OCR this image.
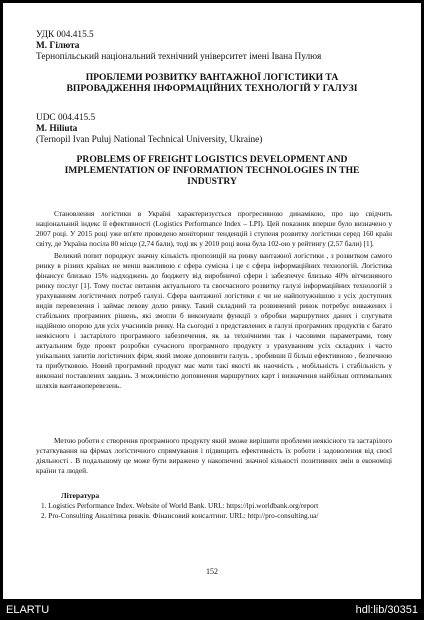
УДК 004.415.5
М. Гілюта
Тернопільський національний технічний університет імені Івана Пулюя
ПРОБЛЕМИ РОЗВИТКУ ВАНТАЖНОЇ ЛОГІСТИКИ ТА
ВПРОВАДЖЕННЯ ІНФОРМАЦІЙНИХ ТЕХНОЛОГІЙ У ГАЛУЗІ
UDC 004.415.5
M. Hiliuta
(Ternopil Ivan Puluj National Technical University, Ukraine)
PROBLEMS OF FREIGHT LOGISTICS DEVELOPMENT AND
IMPLEMENTATION OF INFORMATION TECHNOLOGIES IN THE
INDUSTRY

Становлення логістики в Україні характеризується прогресивною динамікою, про що свідчить національний індекс її ефективності (Logistics Performance Index – LPI). Цей показник вперше було визначено у 2007 році. У 2015 році уже вп'яте проведено моніторинг тенденцій і ступеня розвитку логістики серед 160 країн світу, де Україна посіла 80 місце (2,74 бали), тоді як у 2010 році вона була 102-ою у рейтингу (2,57 бали) [1].

Великий попит породжує значну кількість пропозицій на ринку вантажної логістики , з розвитком самого ринку в різних країнах не менш важливою є сфера сумісна і це є сфера інформаційних технологій. Логістика фінансує близько 15% надходжень до бюджету від виробничої сфери і забезпечує близько 40% вітчизняного ринку послуг [1]. Тому постає питання актуального та своєчасного розвитку галузі інформаційних технологій з урахуванням логістичних потреб галузі. Сфера вантажної логістики є чи не найпотужнішою з усіх доступних видів перевезення і займає левову долю ринку. Такий складний та розвинений ринок потребує виважених і стабільних програмних рішень, які змогли б виконувати функції з обробки маршрутних даних і слугувати надійною опорою для усіх учасників ринку. На сьогодні з представлених в галузі програмних продуктів є багато неякісного і застарілого програмного забезпечення, як за технічними так і часовими параметрами, тому актуальним буде проект розробки сучасного програмного продукту з урахуванням усіх складних і часто унікальних запитів логістичних фірм, який зможе доповнити галузь , зробивши її більш ефективною , безпечною та прибутковою. Новий програмний продукт має мати такі якості як наочність , мобільність і стабільність у виконані поставлених завдань. З можливістю доповнення маршрутних карт і визначення найбільш оптимальних шляхів вантажоперевезень.

Метою роботи є створення програмного продукту який зможе вирішити проблеми неякісного та застарілого устаткування на фірмах логістичного спрямування і підвищить ефективність їх роботи і задоволення від своєї діяльності . В подальшому це може бути виражено у накопичені значної кількості позитивних змін в економіці країни та людей.

Література
1. Logistics Performance Index. Website of World Bank. URL: https://lpi.worldbank.org/report
2. Pro-Consulting Аналітика ринків. Фінансовий консалтинг. URL: http://pro-consulting.ua/
152
ELARTU	hdl:lib/30351
